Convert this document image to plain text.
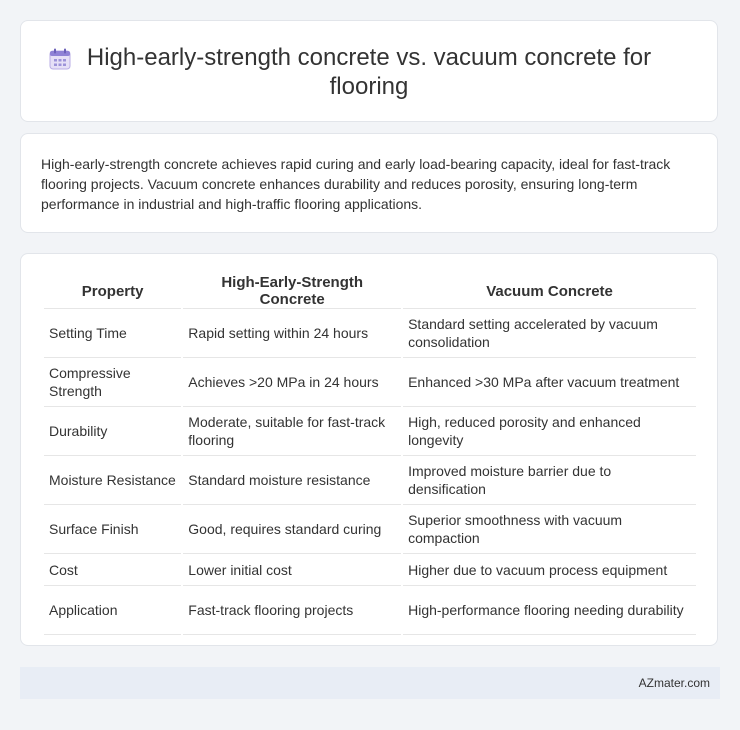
High-early-strength concrete vs. vacuum concrete for flooring

High-early-strength concrete achieves rapid curing and early load-bearing capacity, ideal for fast-track flooring projects. Vacuum concrete enhances durability and reduces porosity, ensuring long-term performance in industrial and high-traffic flooring applications.

Property	High-Early-Strength Concrete	Vacuum Concrete
Setting Time	Rapid setting within 24 hours	Standard setting accelerated by vacuum consolidation
Compressive Strength	Achieves >20 MPa in 24 hours	Enhanced >30 MPa after vacuum treatment
Durability	Moderate, suitable for fast-track flooring	High, reduced porosity and enhanced longevity
Moisture Resistance	Standard moisture resistance	Improved moisture barrier due to densification
Surface Finish	Good, requires standard curing	Superior smoothness with vacuum compaction
Cost	Lower initial cost	Higher due to vacuum process equipment
Application	Fast-track flooring projects	High-performance flooring needing durability
AZmater.com
